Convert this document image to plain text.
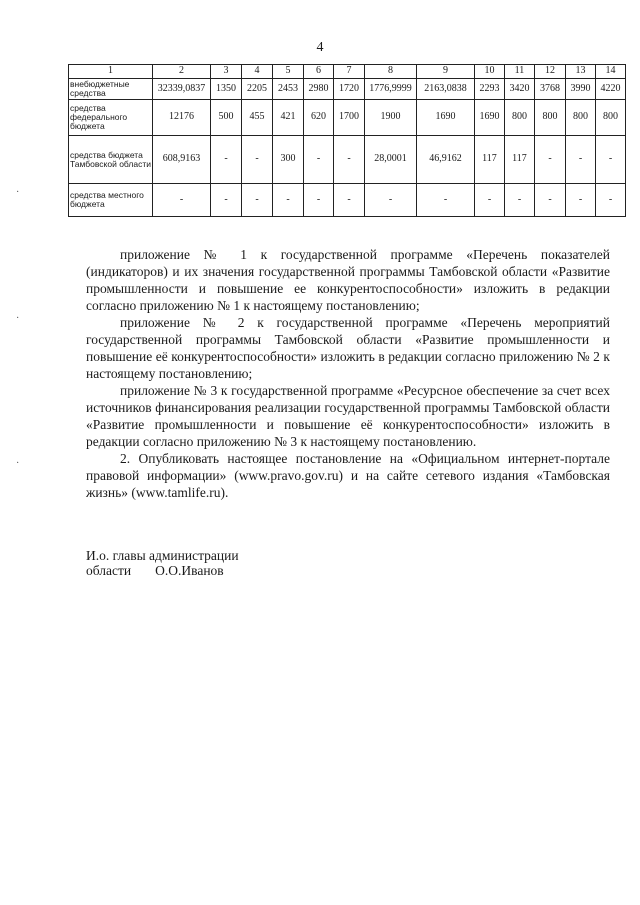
4
1	2	3	4	5	6	7	8	9	10	11	12	13	14
внебюджетные средства	32339,0837	1350	2205	2453	2980	1720	1776,9999	2163,0838	2293	3420	3768	3990	4220
средства федерального бюджета	12176	500	455	421	620	1700	1900	1690	1690	800	800	800	800
средства бюджета Тамбовской области	608,9163	-	-	300	-	-	28,0001	46,9162	117	117	-	-	-
средства местного бюджета	-	-	-	-	-	-	-	-	-	-	-	-	-

приложение № 1 к государственной программе «Перечень показателей (индикаторов) и их значения государственной программы Тамбовской области «Развитие промышленности и повышение ее конкурентоспособности» изложить в редакции согласно приложению № 1 к настоящему постановлению;

приложение № 2 к государственной программе «Перечень мероприятий государственной программы Тамбовской области «Развитие промышленности и повышение её конкурентоспособности» изложить в редакции согласно приложению № 2 к настоящему постановлению;

приложение № 3 к государственной программе «Ресурсное обеспечение за счет всех источников финансирования реализации государственной программы Тамбовской области «Развитие промышленности и повышение её конкурентоспособности» изложить в редакции согласно приложению № 3 к настоящему постановлению.

2. Опубликовать настоящее постановление на «Официальном интернет-портале правовой информации» (www.pravo.gov.ru) и на сайте сетевого издания «Тамбовская жизнь» (www.tamlife.ru).

И.о. главы администрации
области О.О.Иванов
·
·
·
